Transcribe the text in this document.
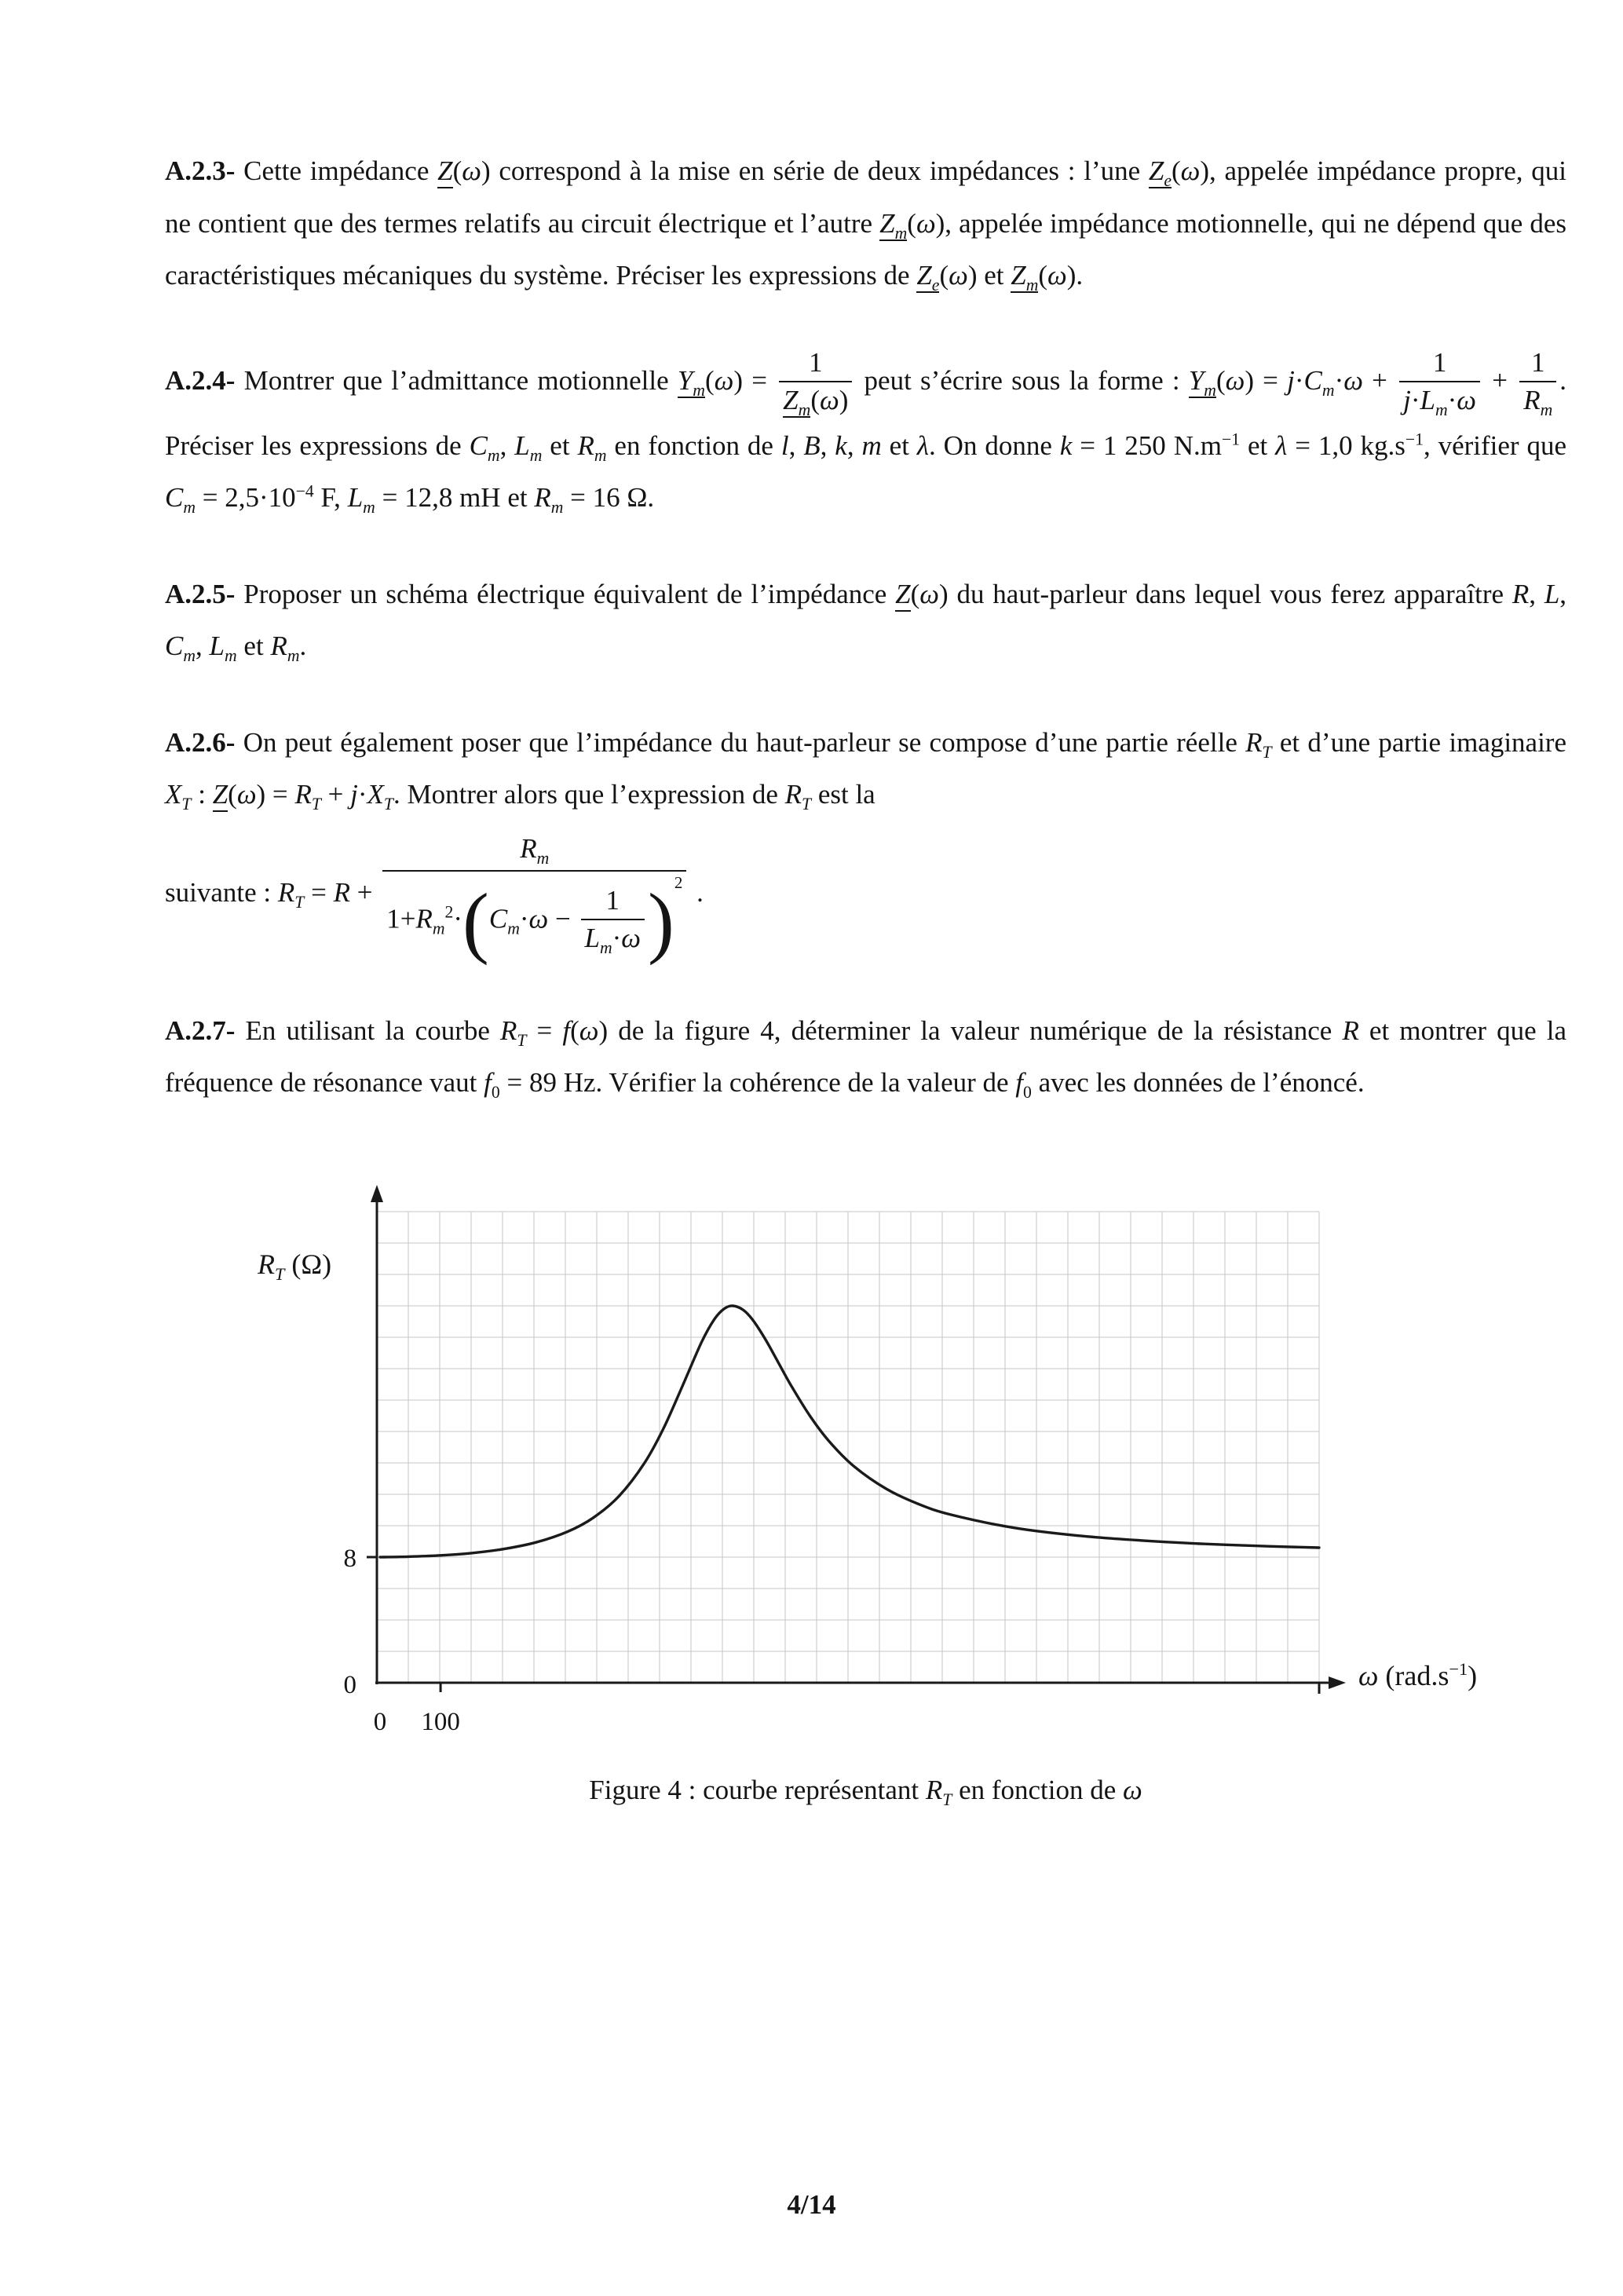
A.2.3- Cette impédance Z(ω) correspond à la mise en série de deux impédances : l’une $Z_e(\omega)$, appelée impédance propre, qui ne contient que des termes relatifs au circuit électrique et l’autre $Z_m(\omega)$, appelée impédance motionnelle, qui ne dépend que des caractéristiques mécaniques du système. Préciser les expressions de $Z_e(\omega)$ et $Z_m(\omega)$.

A.2.4- Montrer que l’admittance motionnelle $Y_m(\omega) = \frac{1}{Z_m(\omega)}$ peut s’écrire sous la forme : $Y_m(\omega) = j\cdot C_m\cdot\omega + \frac{1}{j\cdot L_m\cdot\omega} + \frac{1}{R_m}$ . Préciser les expressions de $C_m$, $L_m$ et $R_m$ en fonction de l, B, k, m et λ. On donne k = 1 250 $N.m^{-1}$ et λ = 1,0 $kg.s^{-1}$, vérifier que $C_m = 2,5\cdot 10^{-4}$ F, $L_m = 12,8$ mH et $R_m = 16$ Ω.

A.2.5- Proposer un schéma électrique équivalent de l’impédance Z(ω) du haut-parleur dans lequel vous ferez apparaître R, L, $C_m$, $L_m$ et $R_m$.

A.2.6- On peut également poser que l’impédance du haut-parleur se compose d’une partie réelle $R_T$ et d’une partie imaginaire $X_T$ : $Z(\omega) = R_T + j\cdot X_T$. Montrer alors que l’expression de $R_T$ est la

suivante : $R_T = R + \frac{R_m}{1+R_m^2\cdot(C_m\cdot\omega - \frac{1}{L_m\cdot\omega} )^2}$ .

A.2.7- En utilisant la courbe $R_T = f(\omega)$ de la figure 4, déterminer la valeur numérique de la résistance R et montrer que la fréquence de résonance vaut $f_0 = 89$ Hz. Vérifier la cohérence de la valeur de $f_0$ avec les données de l’énoncé.

8
0
0 100
$R_T$ (Ω)
ω $(rad.s^{-1})$
Figure 4 : courbe représentant $R_T$ en fonction de ω
4/14
